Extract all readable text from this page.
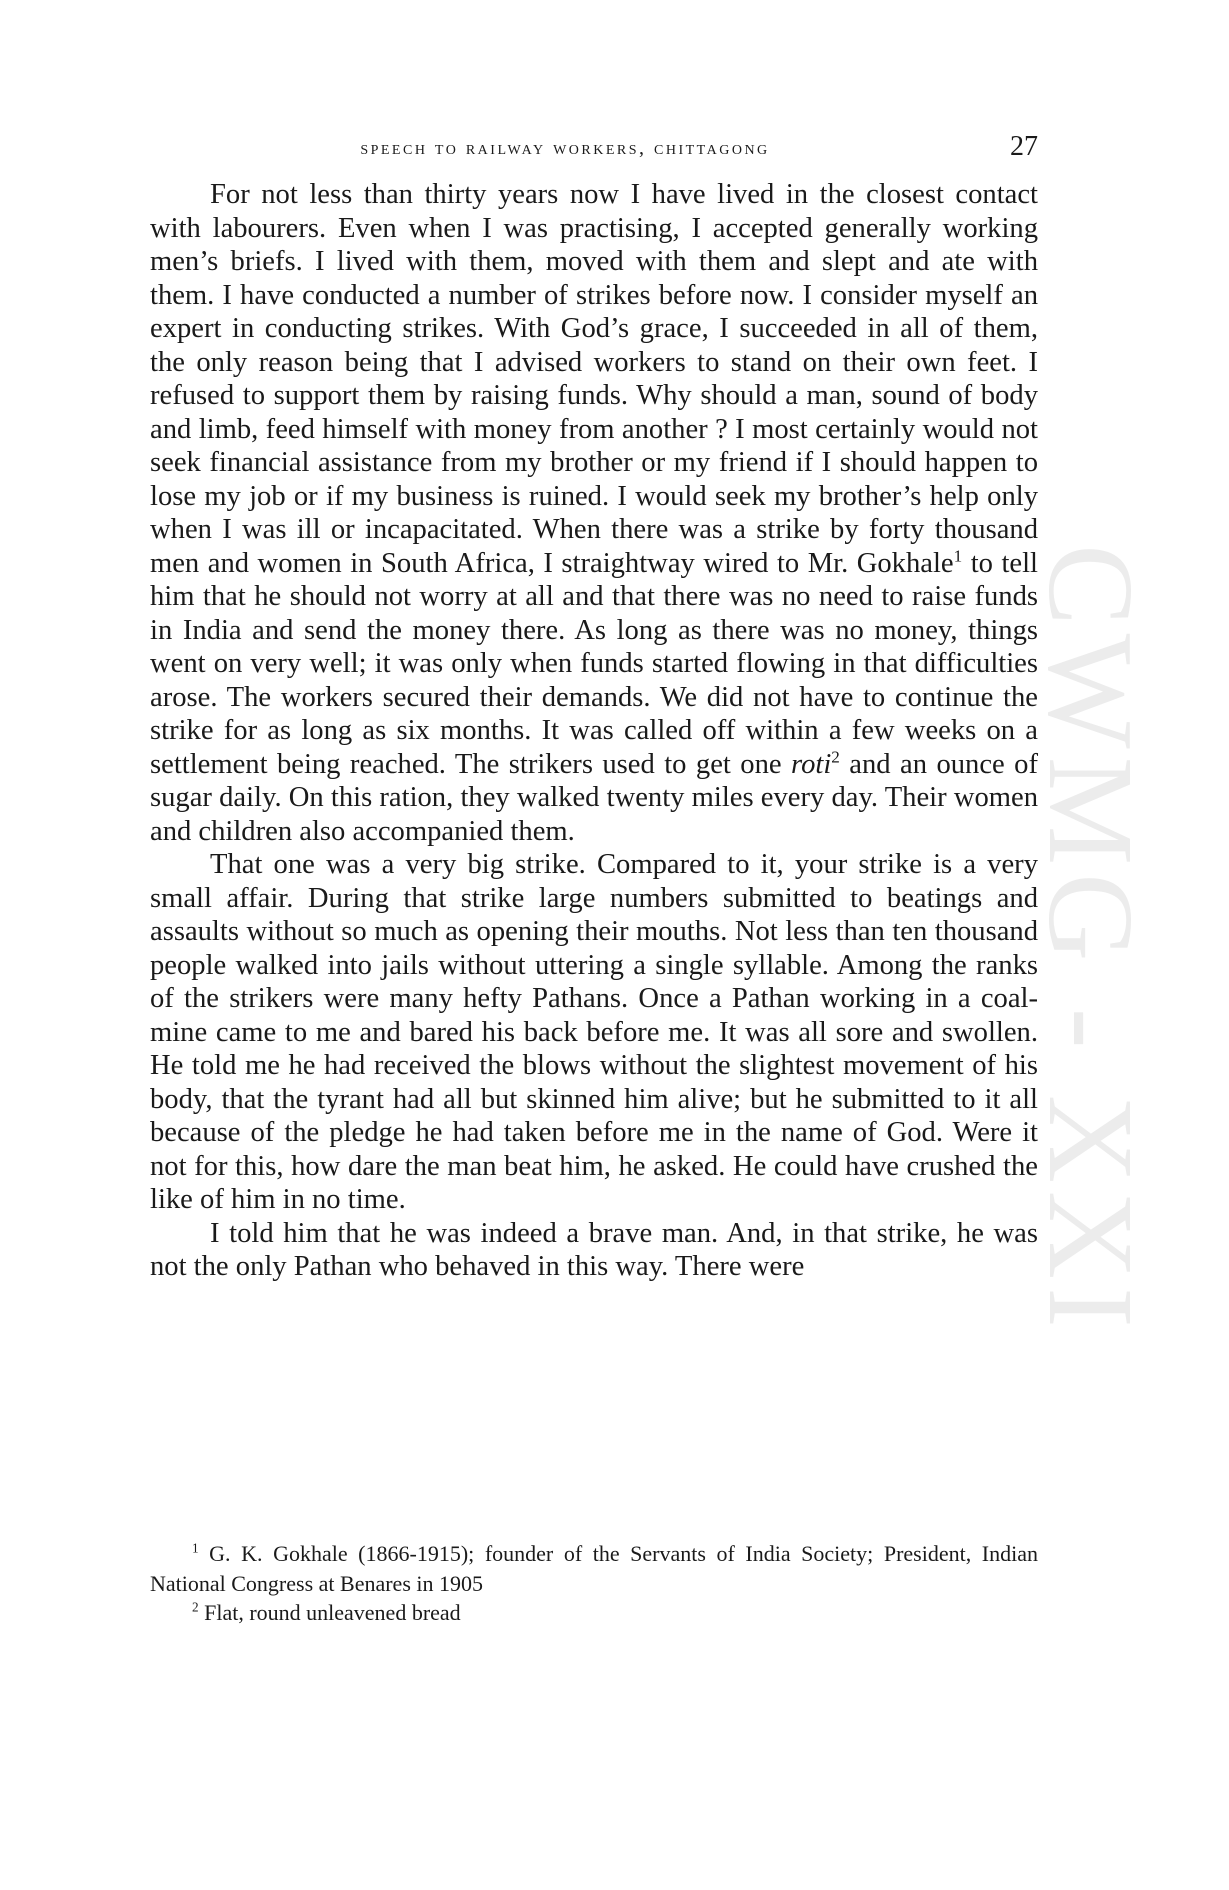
CWMG - XXI
speech to railway workers, chittagong	27

For not less than thirty years now I have lived in the closest contact with labourers. Even when I was practising, I accepted generally working men’s briefs. I lived with them, moved with them and slept and ate with them. I have conducted a number of strikes before now. I consider myself an expert in conducting strikes. With God’s grace, I succeeded in all of them, the only reason being that I advised workers to stand on their own feet. I refused to support them by raising funds. Why should a man, sound of body and limb, feed himself with money from another ? I most certainly would not seek financial assistance from my brother or my friend if I should happen to lose my job or if my business is ruined. I would seek my brother’s help only when I was ill or incapacitated. When there was a strike by forty thousand men and women in South Africa, I straightway wired to Mr. Gokhale$^1$ to tell him that he should not worry at all and that there was no need to raise funds in India and send the money there. As long as there was no money, things went on very well; it was only when funds started flowing in that difficulties arose. The workers secured their demands. We did not have to continue the strike for as long as six months. It was called off within a few weeks on a settlement being reached. The strikers used to get one roti$^2$ and an ounce of sugar daily. On this ration, they walked twenty miles every day. Their women and children also accompanied them.

That one was a very big strike. Compared to it, your strike is a very small affair. During that strike large numbers submitted to beatings and assaults without so much as opening their mouths. Not less than ten thousand people walked into jails without uttering a single syllable. Among the ranks of the strikers were many hefty Pathans. Once a Pathan working in a coal-mine came to me and bared his back before me. It was all sore and swollen. He told me he had received the blows without the slightest movement of his body, that the tyrant had all but skinned him alive; but he submitted to it all because of the pledge he had taken before me in the name of God. Were it not for this, how dare the man beat him, he asked. He could have crushed the like of him in no time.

I told him that he was indeed a brave man. And, in that strike, he was not the only Pathan who behaved in this way. There were

$^1$ G. K. Gokhale (1866-1915); founder of the Servants of India Society; President, Indian National Congress at Benares in 1905

$^2$ Flat, round unleavened bread
